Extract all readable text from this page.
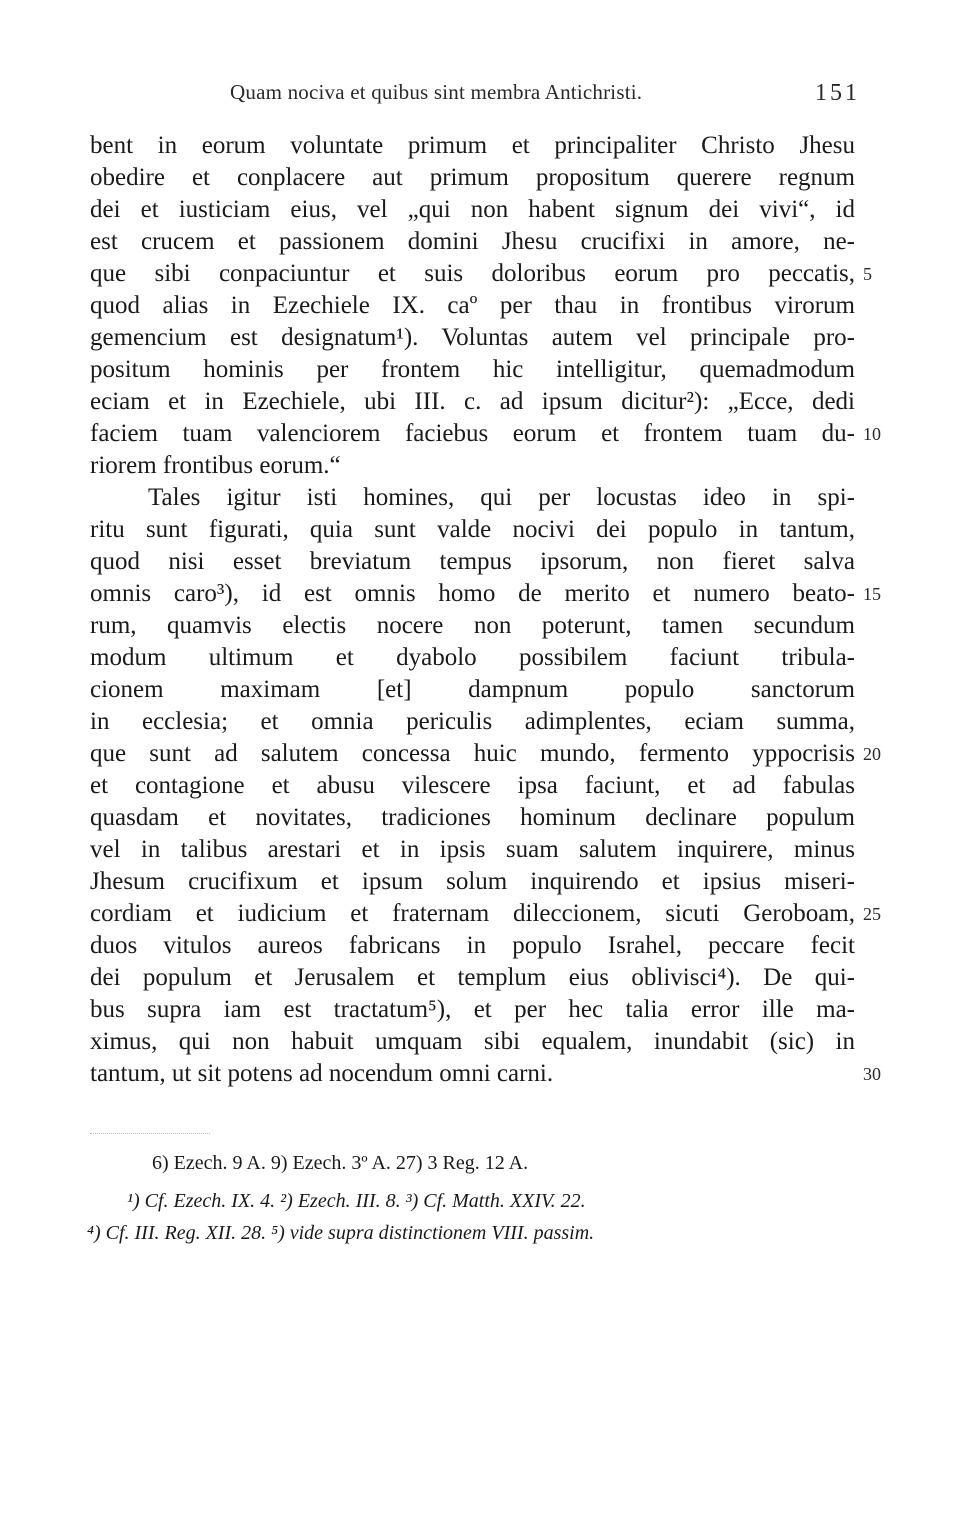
Quam nociva et quibus sint membra Antichristi.	151
bent in eorum voluntate primum et principaliter Christo Jhesu
obedire et conplacere aut primum propositum querere regnum
dei et iusticiam eius, vel „qui non habent signum dei vivi“, id
est crucem et passionem domini Jhesu crucifixi in amore, ne-
que sibi conpaciuntur et suis doloribus eorum pro peccatis,
quod alias in Ezechiele IX. caº per thau in frontibus virorum
gemencium est designatum¹). Voluntas autem vel principale pro-
positum hominis per frontem hic intelligitur, quemadmodum
eciam et in Ezechiele, ubi III. c. ad ipsum dicitur²): „Ecce, dedi
faciem tuam valenciorem faciebus eorum et frontem tuam du-
riorem frontibus eorum.“
Tales igitur isti homines, qui per locustas ideo in spi-
ritu sunt figurati, quia sunt valde nocivi dei populo in tantum,
quod nisi esset breviatum tempus ipsorum, non fieret salva
omnis caro³), id est omnis homo de merito et numero beato-
rum, quamvis electis nocere non poterunt, tamen secundum
modum ultimum et dyabolo possibilem faciunt tribula-
cionem maximam [et] dampnum populo sanctorum
in ecclesia; et omnia periculis adimplentes, eciam summa,
que sunt ad salutem concessa huic mundo, fermento yppocrisis
et contagione et abusu vilescere ipsa faciunt, et ad fabulas
quasdam et novitates, tradiciones hominum declinare populum
vel in talibus arestari et in ipsis suam salutem inquirere, minus
Jhesum crucifixum et ipsum solum inquirendo et ipsius miseri-
cordiam et iudicium et fraternam dileccionem, sicuti Geroboam,
duos vitulos aureos fabricans in populo Israhel, peccare fecit
dei populum et Jerusalem et templum eius oblivisci⁴). De qui-
bus supra iam est tractatum⁵), et per hec talia error ille ma-
ximus, qui non habuit umquam sibi equalem, inundabit (sic) in
tantum, ut sit potens ad nocendum omni carni.
5
10
15
20
25
30
6) Ezech. 9 A. 9) Ezech. 3º A. 27) 3 Reg. 12 A.
¹) Cf. Ezech. IX. 4. ²) Ezech. III. 8. ³) Cf. Matth. XXIV. 22.
⁴) Cf. III. Reg. XII. 28. ⁵) vide supra distinctionem VIII. passim.
